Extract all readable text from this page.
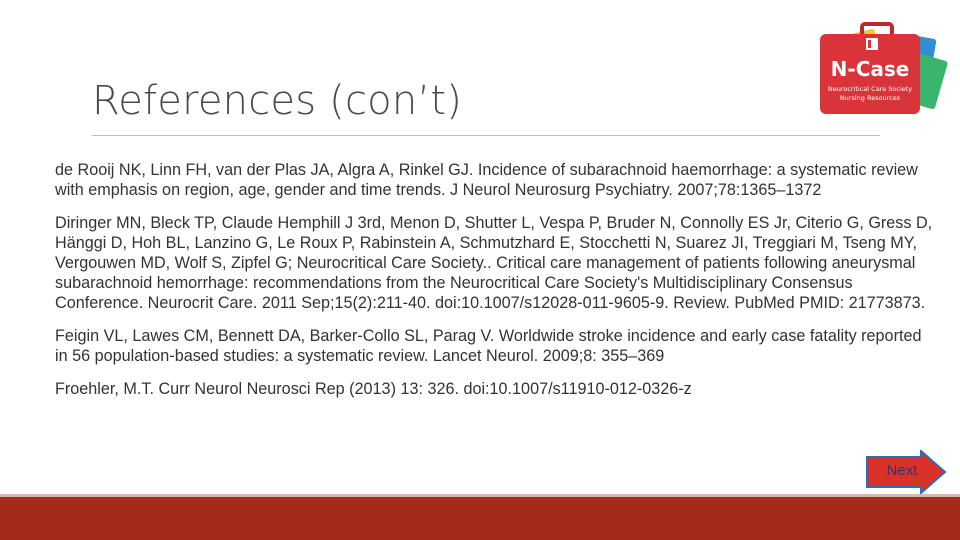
References (con’t)
N-Case
Neurocritical Care Society
Nursing Resources

de Rooij NK, Linn FH, van der Plas JA, Algra A, Rinkel GJ. Incidence of subarachnoid haemorrhage: a systematic review with emphasis on region, age, gender and time trends. J Neurol Neurosurg Psychiatry. 2007;78:1365–1372

Diringer MN, Bleck TP, Claude Hemphill J 3rd, Menon D, Shutter L, Vespa P, Bruder N, Connolly ES Jr, Citerio G, Gress D, Hänggi D, Hoh BL, Lanzino G, Le Roux P, Rabinstein A, Schmutzhard E, Stocchetti N, Suarez JI, Treggiari M, Tseng MY, Vergouwen MD, Wolf S, Zipfel G; Neurocritical Care Society.. Critical care management of patients following aneurysmal subarachnoid hemorrhage: recommendations from the Neurocritical Care Society's Multidisciplinary Consensus Conference. Neurocrit Care. 2011 Sep;15(2):211-40. doi:10.1007/s12028-011-9605-9. Review. PubMed PMID: 21773873.

Feigin VL, Lawes CM, Bennett DA, Barker-Collo SL, Parag V. Worldwide stroke incidence and early case fatality reported in 56 population-based studies: a systematic review. Lancet Neurol. 2009;8: 355–369

Froehler, M.T. Curr Neurol Neurosci Rep (2013) 13: 326. doi:10.1007/s11910-012-0326-z

Next
